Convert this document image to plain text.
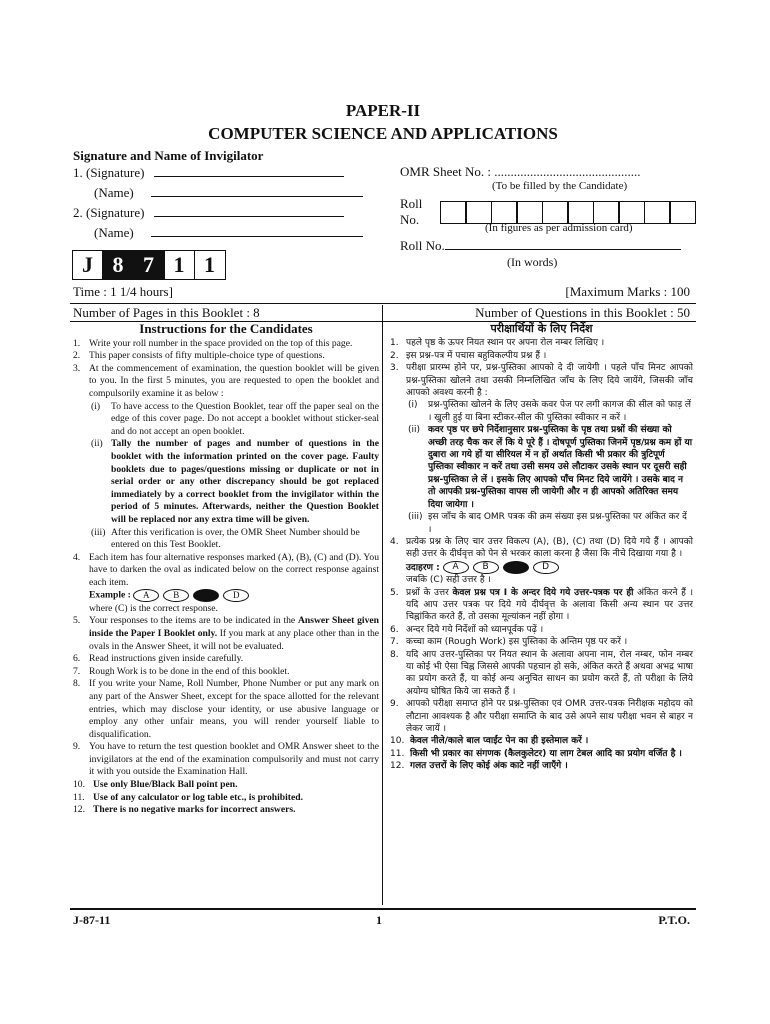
PAPER-II
COMPUTER SCIENCE AND APPLICATIONS
Signature and Name of Invigilator
1. (Signature)
(Name)
2. (Signature)
(Name)
OMR Sheet No. : .............................................
(To be filled by the Candidate)
Roll No.
(In figures as per admission card)
Roll No.
(In words)
J 8 7 1 1
Time : 1 1/4 hours]	[Maximum Marks : 100
Number of Pages in this Booklet : 8	Number of Questions in this Booklet : 50
Instructions for the Candidates
1. Write your roll number in the space provided on the top of this page.
2. This paper consists of fifty multiple-choice type of questions.
3. At the commencement of examination, the question booklet will be given to you. In the first 5 minutes, you are requested to open the booklet and compulsorily examine it as below :
(i)	To have access to the Question Booklet, tear off the paper seal on the edge of this cover page. Do not accept a booklet without sticker-seal and do not accept an open booklet.
(ii) Tally the number of pages and number of questions in the booklet with the information printed on the cover page. Faulty booklets due to pages/questions missing or duplicate or not in serial order or any other discrepancy should be got replaced immediately by a correct booklet from the invigilator within the period of 5 minutes. Afterwards, neither the Question Booklet will be replaced nor any extra time will be given.
(iii) After this verification is over, the OMR Sheet Number should be entered on this Test Booklet.
4. Each item has four alternative responses marked (A), (B), (C) and (D). You have to darken the oval as indicated below on the correct response against each item.
Example :	A	B	D
where (C) is the correct response.
5. Your responses to the items are to be indicated in the Answer Sheet given inside the Paper I Booklet only. If you mark at any place other than in the ovals in the Answer Sheet, it will not be evaluated.
6. Read instructions given inside carefully.
7. Rough Work is to be done in the end of this booklet.
8. If you write your Name, Roll Number, Phone Number or put any mark on any part of the Answer Sheet, except for the space allotted for the relevant entries, which may disclose your identity, or use abusive language or employ any other unfair means, you will render yourself liable to disqualification.
9. You have to return the test question booklet and OMR Answer sheet to the invigilators at the end of the examination compulsorily and must not carry it with you outside the Examination Hall.
10. Use only Blue/Black Ball point pen.
11. Use of any calculator or log table etc., is prohibited.
12. There is no negative marks for incorrect answers.
परीक्षार्थियों के लिए निर्देश
1. पहले पृष्ठ के ऊपर नियत स्थान पर अपना रोल नम्बर लिखिए ।
2. इस प्रश्न-पत्र में पचास बहुविकल्पीय प्रश्न हैं ।
3. परीक्षा प्रारम्भ होने पर, प्रश्न-पुस्तिका आपको दे दी जायेगी । पहले पाँच मिनट आपको प्रश्न-पुस्तिका खोलने तथा उसकी निम्नलिखित जाँच के लिए दिये जायेंगे, जिसकी जाँच आपको अवश्य करनी है :
(i)	प्रश्न-पुस्तिका खोलने के लिए उसके कवर पेज पर लगी कागज की सील को फाड़ लें । खुली हुई या बिना स्टीकर-सील की पुस्तिका स्वीकार न करें ।
(ii) कवर पृष्ठ पर छपे निर्देशानुसार प्रश्न-पुस्तिका के पृष्ठ तथा प्रश्नों की संख्या को अच्छी तरह चैक कर लें कि ये पूरे हैं । दोषपूर्ण पुस्तिका जिनमें पृष्ठ/प्रश्न कम हों या दुबारा आ गये हों या सीरियल में न हों अर्थात किसी भी प्रकार की त्रुटिपूर्ण पुस्तिका स्वीकार न करें तथा उसी समय उसे लौटाकर उसके स्थान पर दूसरी सही प्रश्न-पुस्तिका ले लें । इसके लिए आपको पाँच मिनट दिये जायेंगे । उसके बाद न तो आपकी प्रश्न-पुस्तिका वापस ली जायेगी और न ही आपको अतिरिक्त समय दिया जायेगा ।
(iii) इस जाँच के बाद OMR पत्रक की क्रम संख्या इस प्रश्न-पुस्तिका पर अंकित कर दें ।
4. प्रत्येक प्रश्न के लिए चार उत्तर विकल्प (A), (B), (C) तथा (D) दिये गये हैं । आपको सही उत्तर के दीर्घवृत्त को पेन से भरकर काला करना है जैसा कि नीचे दिखाया गया है ।
उदाहरण :	A	B	D
जबकि (C) सही उत्तर है ।
5. प्रश्नों के उत्तर केवल प्रश्न पत्र I के अन्दर दिये गये उत्तर-पत्रक पर ही अंकित करने हैं । यदि आप उत्तर पत्रक पर दिये गये दीर्घवृत्त के अलावा किसी अन्य स्थान पर उत्तर चिह्नांकित करते हैं, तो उसका मूल्यांकन नहीं होगा ।
6. अन्दर दिये गये निर्देशों को ध्यानपूर्वक पढ़ें ।
7. कच्चा काम (Rough Work) इस पुस्तिका के अन्तिम पृष्ठ पर करें ।
8. यदि आप उत्तर-पुस्तिका पर नियत स्थान के अलावा अपना नाम, रोल नम्बर, फोन नम्बर या कोई भी ऐसा चिह्न जिससे आपकी पहचान हो सके, अंकित करते हैं अथवा अभद्र भाषा का प्रयोग करते हैं, या कोई अन्य अनुचित साधन का प्रयोग करते हैं, तो परीक्षा के लिये अयोग्य घोषित किये जा सकते हैं ।
9. आपको परीक्षा समाप्त होने पर प्रश्न-पुस्तिका एवं OMR उत्तर-पत्रक निरीक्षक महोदय को लौटाना आवश्यक है और परीक्षा समाप्ति के बाद उसे अपने साथ परीक्षा भवन से बाहर न लेकर जायें ।
10. केवल नीले/काले बाल प्वाईंट पेन का ही इस्तेमाल करें ।
11. किसी भी प्रकार का संगणक (कैलकुलेटर) या लाग टेबल आदि का प्रयोग वर्जित है ।
12. गलत उत्तरों के लिए कोई अंक काटे नहीं जाएँगे ।
J-87-11	1	P.T.O.
